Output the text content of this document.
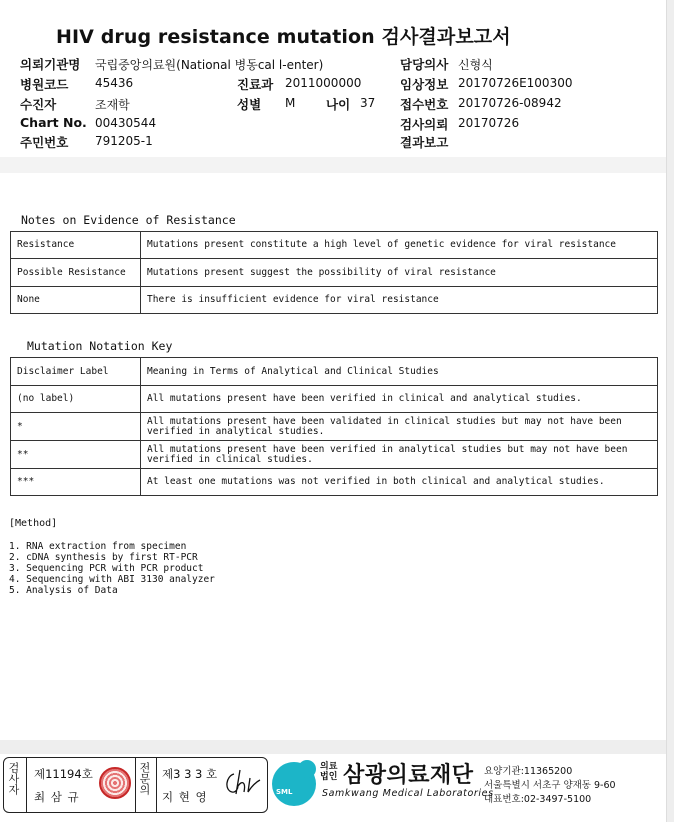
HIV drug resistance mutation 검사결과보고서
의뢰기관명 국립중앙의료원(National 병동cal l-enter)
병원코드 45436	진료과 2011000000
수진자	조재학	성별 M 나이 37
Chart No. 00430544
주민번호 791205-1
담당의사 신형식
임상정보 20170726E100300
접수번호 20170726-08942
검사의뢰 20170726
결과보고
Notes on Evidence of Resistance
Resistance	Mutations present constitute a high level of genetic evidence for viral resistance
Possible Resistance	Mutations present suggest the possibility of viral resistance
None	There is insufficient evidence for viral resistance
Mutation Notation Key
Disclaimer Label	Meaning in Terms of Analytical and Clinical Studies
(no label)	All mutations present have been verified in clinical and analytical studies.
*	All mutations present have been validated in clinical studies but may not have been verified in analytical studies.
**	All mutations present have been verified in analytical studies but may not have been verified in clinical studies.
***	At least one mutations was not verified in both clinical and analytical studies.
[Method]
1. RNA extraction from specimen
2. cDNA synthesis by first RT-PCR
3. Sequencing PCR with PCR product
4. Sequencing with ABI 3130 analyzer
5. Analysis of Data
검사자 제11194호
최 삼 규
전문의 제3 3 3 호
지 현 영	SML
의료법인 삼광의료재단
Samkwang Medical Laboratories
요양기관:11365200
서울특별시 서초구 양재동 9-60
대표번호:02-3497-5100
